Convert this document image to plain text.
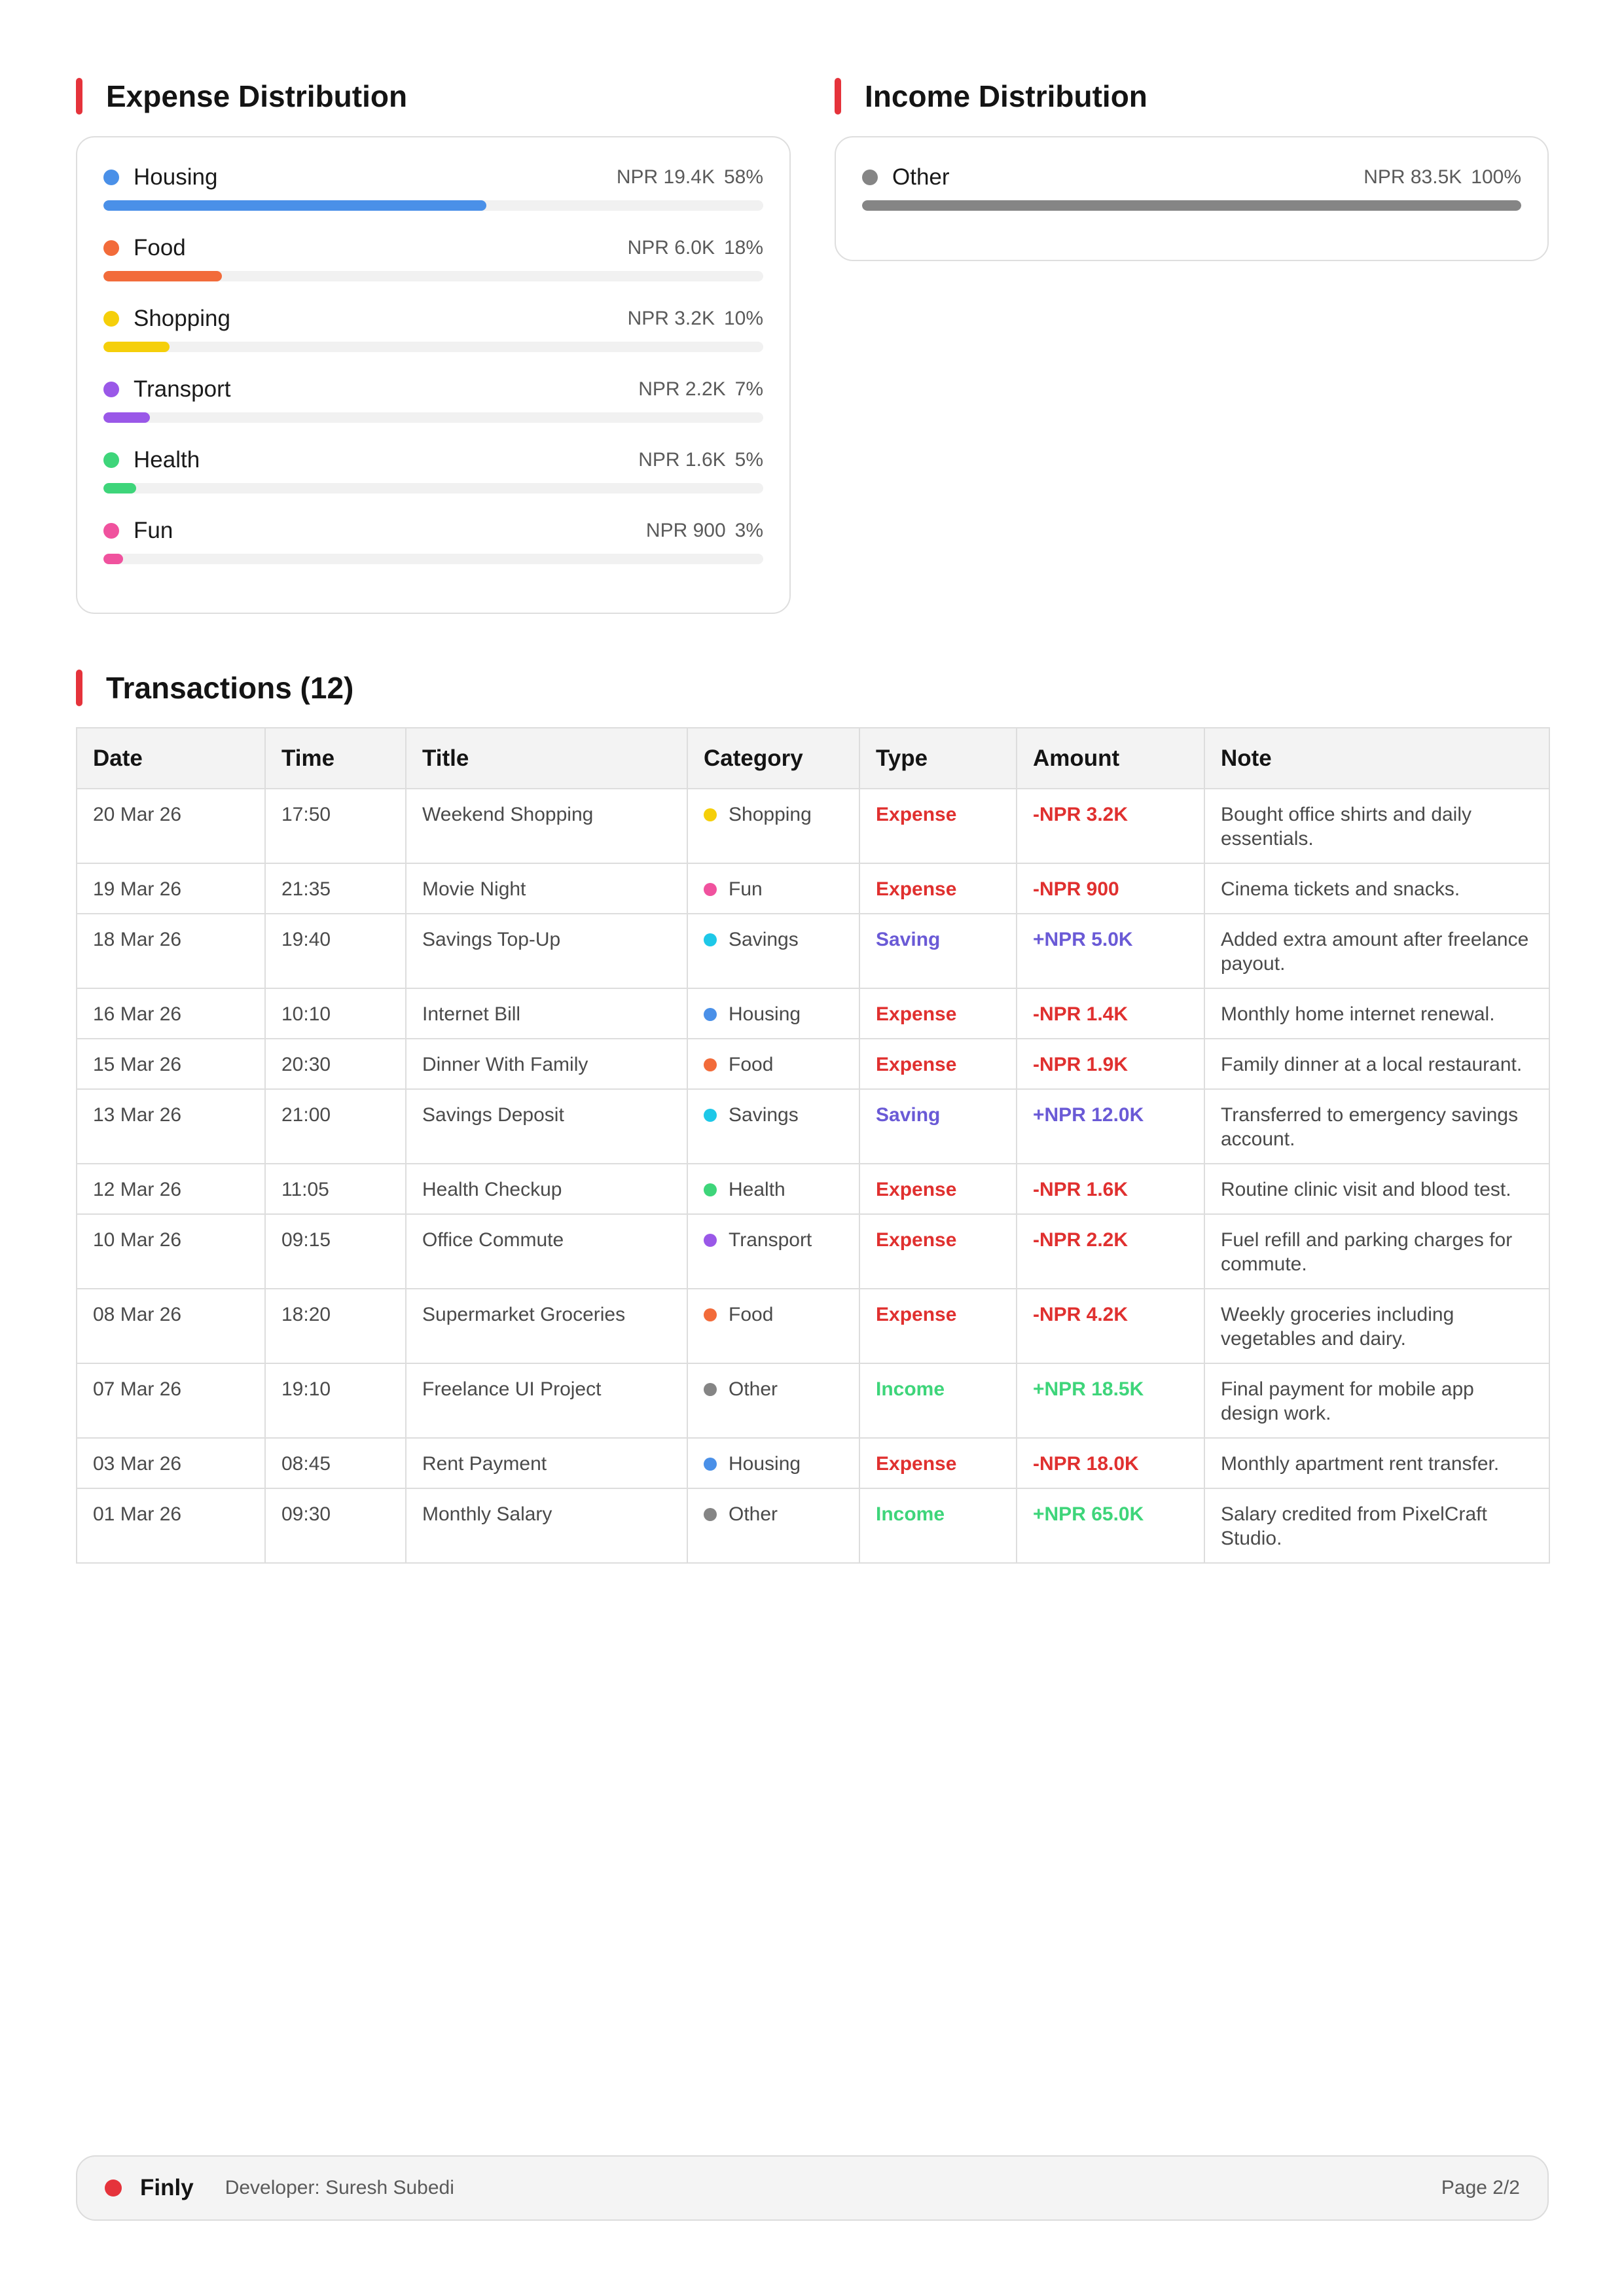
Expense Distribution
Housing	NPR 19.4K 58%
Food	NPR 6.0K 18%
Shopping	NPR 3.2K 10%
Transport	NPR 2.2K 7%
Health	NPR 1.6K 5%
Fun	NPR 900 3%
Income Distribution
Other	NPR 83.5K 100%
Transactions (12)
Date	Time	Title	Category	Type	Amount	Note
20 Mar 26	17:50	Weekend Shopping	Shopping	Expense	-NPR 3.2K	Bought office shirts and daily essentials.
19 Mar 26	21:35	Movie Night	Fun	Expense	-NPR 900	Cinema tickets and snacks.
18 Mar 26	19:40	Savings Top-Up	Savings	Saving	+NPR 5.0K	Added extra amount after freelance payout.
16 Mar 26	10:10	Internet Bill	Housing	Expense	-NPR 1.4K	Monthly home internet renewal.
15 Mar 26	20:30	Dinner With Family	Food	Expense	-NPR 1.9K	Family dinner at a local restaurant.
13 Mar 26	21:00	Savings Deposit	Savings	Saving	+NPR 12.0K	Transferred to emergency savings account.
12 Mar 26	11:05	Health Checkup	Health	Expense	-NPR 1.6K	Routine clinic visit and blood test.
10 Mar 26	09:15	Office Commute	Transport	Expense	-NPR 2.2K	Fuel refill and parking charges for commute.
08 Mar 26	18:20	Supermarket Groceries	Food	Expense	-NPR 4.2K	Weekly groceries including vegetables and dairy.
07 Mar 26	19:10	Freelance UI Project	Other	Income	+NPR 18.5K	Final payment for mobile app design work.
03 Mar 26	08:45	Rent Payment	Housing	Expense	-NPR 18.0K	Monthly apartment rent transfer.
01 Mar 26	09:30	Monthly Salary	Other	Income	+NPR 65.0K	Salary credited from PixelCraft Studio.
Finly Developer: Suresh Subedi	Page 2/2
